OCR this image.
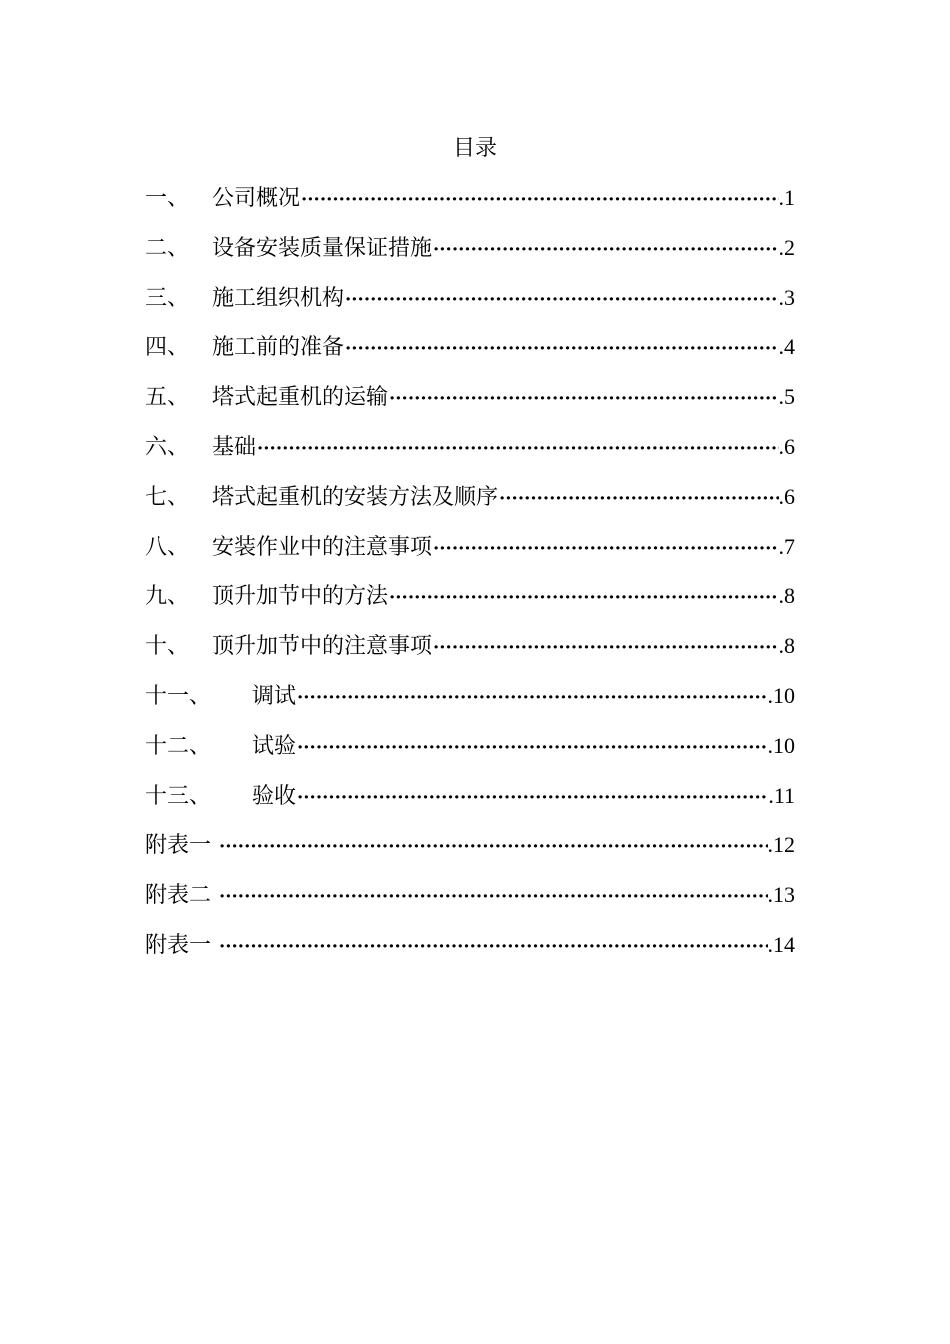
目录
一、	公司概况 ·····	.1
二、	设备安装质量保证措施 ·····	.2
三、	施工组织机构 ·····	.3
四、	施工前的准备 ·····	.4
五、	塔式起重机的运输 ·····	.5
六、	基础 ·····	.6
七、	塔式起重机的安装方法及顺序 ·····	.6
八、	安装作业中的注意事项 ·····	.7
九、	顶升加节中的方法 ·····	.8
十、	顶升加节中的注意事项 ·····	.8
十一、	调试 ·····	.10
十二、	试验 ·····	.10
十三、	验收 ·····	.11
附表一 ·····	.12
附表二 ·····	.13
附表一 ·····	.14
